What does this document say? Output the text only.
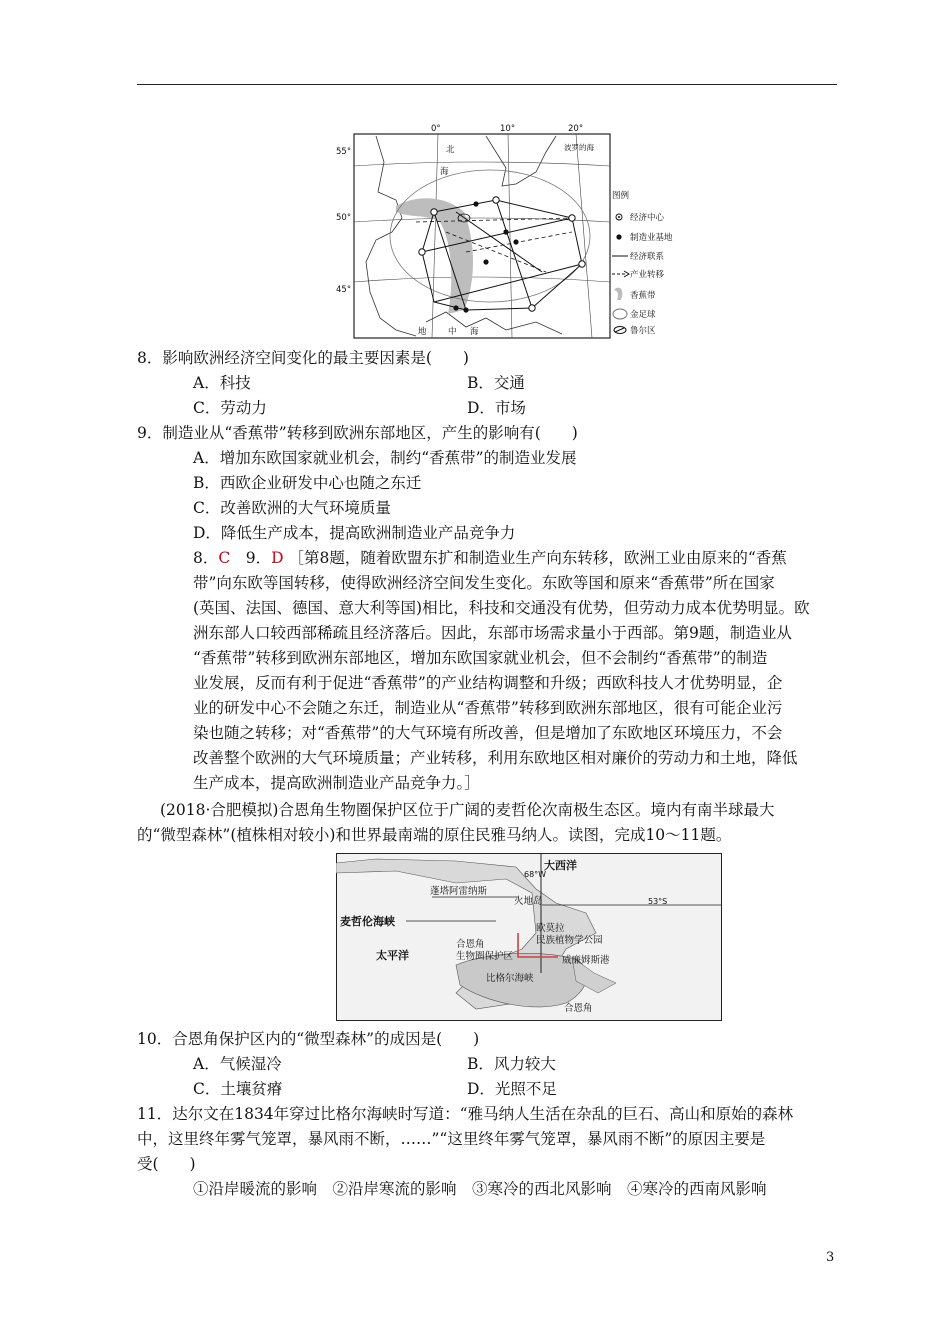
0°	10°	20°
55°
50°
45°
北
海
波罗的海
地	中 海
图例
经济中心
制造业基地
经济联系
产业转移
香蕉带
金足球
鲁尔区
8．影响欧洲经济空间变化的最主要因素是(　　)
A．科技	B．交通
C．劳动力	D．市场
9．制造业从“香蕉带”转移到欧洲东部地区，产生的影响有(　　)
A．增加东欧国家就业机会，制约“香蕉带”的制造业发展
B．西欧企业研发中心也随之东迁
C．改善欧洲的大气环境质量
D．降低生产成本，提高欧洲制造业产品竞争力
8．C　9．D ［第8题，随着欧盟东扩和制造业生产向东转移，欧洲工业由原来的“香蕉
带”向东欧等国转移，使得欧洲经济空间发生变化。东欧等国和原来“香蕉带”所在国家
(英国、法国、德国、意大利等国)相比，科技和交通没有优势，但劳动力成本优势明显。欧
洲东部人口较西部稀疏且经济落后。因此，东部市场需求量小于西部。第9题，制造业从
“香蕉带”转移到欧洲东部地区，增加东欧国家就业机会，但不会制约“香蕉带”的制造
业发展，反而有利于促进“香蕉带”的产业结构调整和升级；西欧科技人才优势明显，企
业的研发中心不会随之东迁，制造业从“香蕉带”转移到欧洲东部地区，很有可能企业污
染也随之转移；对“香蕉带”的大气环境有所改善，但是增加了东欧地区环境压力，不会
改善整个欧洲的大气环境质量；产业转移，利用东欧地区相对廉价的劳动力和土地，降低
生产成本，提高欧洲制造业产品竞争力。］
(2018·合肥模拟)合恩角生物圈保护区位于广阔的麦哲伦次南极生态区。境内有南半球最大
的“微型森林”(植株相对较小)和世界最南端的原住民雅马纳人。读图，完成10～11题。
大西洋
68°W
蓬塔阿雷纳斯
火地岛	53°S
麦哲伦海峡
欧莫拉
民族植物学公园
合恩角
生物圈保护区
太平洋	威廉姆斯港
比格尔海峡
合恩角
10．合恩角保护区内的“微型森林”的成因是(　　)
A．气候湿冷	B．风力较大
C．土壤贫瘠	D．光照不足
11．达尔文在1834年穿过比格尔海峡时写道：“雅马纳人生活在杂乱的巨石、高山和原始的森林
中，这里终年雾气笼罩，暴风雨不断，……”“这里终年雾气笼罩，暴风雨不断”的原因主要是
受(　　)
①沿岸暖流的影响　②沿岸寒流的影响　③寒冷的西北风影响　④寒冷的西南风影响
3
